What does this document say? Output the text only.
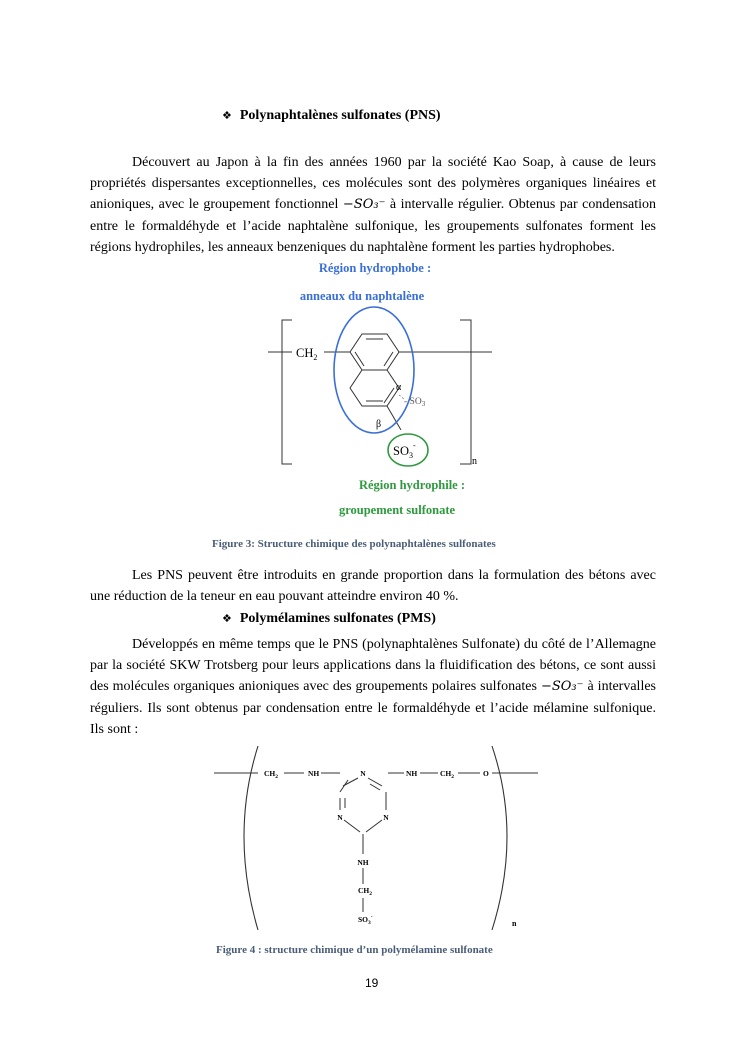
❖ Polynaphtalènes sulfonates (PNS)

Découvert au Japon à la fin des années 1960 par la société Kao Soap, à cause de leurs propriétés dispersantes exceptionnelles, ces molécules sont des polymères organiques linéaires et anioniques, avec le groupement fonctionnel −SO₃⁻ à intervalle régulier. Obtenus par condensation entre le formaldéhyde et l’acide naphtalène sulfonique, les groupements sulfonates forment les régions hydrophiles, les anneaux benzeniques du naphtalène forment les parties hydrophobes.

Région hydrophobe :
anneaux du naphtalène
n
$CH_2$
α
β
- $SO_3$
$SO_3^-$
Région hydrophile :
groupement sulfonate
Figure 3: Structure chimique des polynaphtalènes sulfonates

Les PNS peuvent être introduits en grande proportion dans la formulation des bétons avec une réduction de la teneur en eau pouvant atteindre environ 40 %.

❖ Polymélamines sulfonates (PMS)

Développés en même temps que le PNS (polynaphtalènes Sulfonate) du côté de l’Allemagne par la société SKW Trotsberg pour leurs applications dans la fluidification des bétons, ce sont aussi des molécules organiques anioniques avec des groupements polaires sulfonates −SO₃⁻ à intervalles réguliers. Ils sont obtenus par condensation entre le formaldéhyde et l’acide mélamine sulfonique. Ils sont :

n
$CH_2$	NH	N	NH	$CH_2$	O
N	N
NH
$CH_2$
$SO_3^-$
Figure 4 : structure chimique d’un polymélamine sulfonate
19
